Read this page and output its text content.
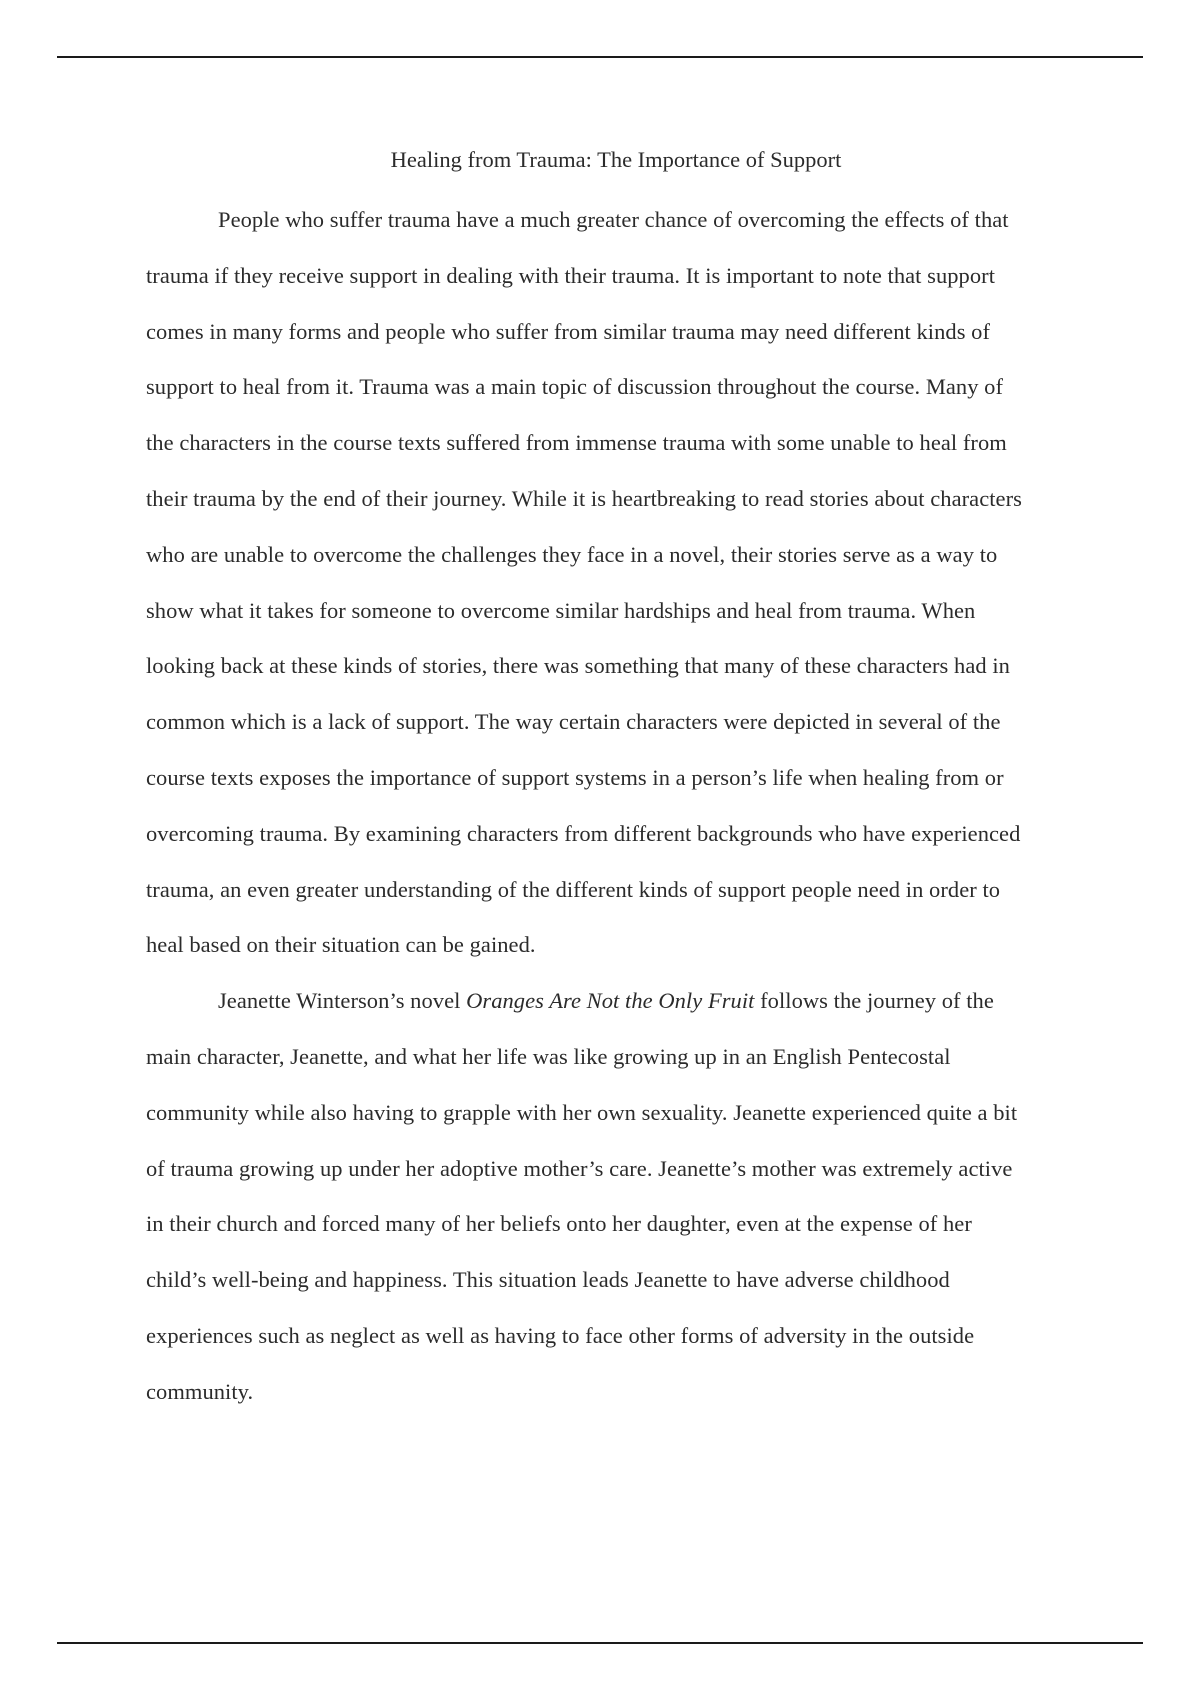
Healing from Trauma: The Importance of Support

People who suffer trauma have a much greater chance of overcoming the effects of that
trauma if they receive support in dealing with their trauma. It is important to note that support
comes in many forms and people who suffer from similar trauma may need different kinds of
support to heal from it. Trauma was a main topic of discussion throughout the course. Many of
the characters in the course texts suffered from immense trauma with some unable to heal from
their trauma by the end of their journey. While it is heartbreaking to read stories about characters
who are unable to overcome the challenges they face in a novel, their stories serve as a way to
show what it takes for someone to overcome similar hardships and heal from trauma. When
looking back at these kinds of stories, there was something that many of these characters had in
common which is a lack of support. The way certain characters were depicted in several of the
course texts exposes the importance of support systems in a person’s life when healing from or
overcoming trauma. By examining characters from different backgrounds who have experienced
trauma, an even greater understanding of the different kinds of support people need in order to
heal based on their situation can be gained.

Jeanette Winterson’s novel Oranges Are Not the Only Fruit follows the journey of the
main character, Jeanette, and what her life was like growing up in an English Pentecostal
community while also having to grapple with her own sexuality. Jeanette experienced quite a bit
of trauma growing up under her adoptive mother’s care. Jeanette’s mother was extremely active
in their church and forced many of her beliefs onto her daughter, even at the expense of her
child’s well-being and happiness. This situation leads Jeanette to have adverse childhood
experiences such as neglect as well as having to face other forms of adversity in the outside
community.
